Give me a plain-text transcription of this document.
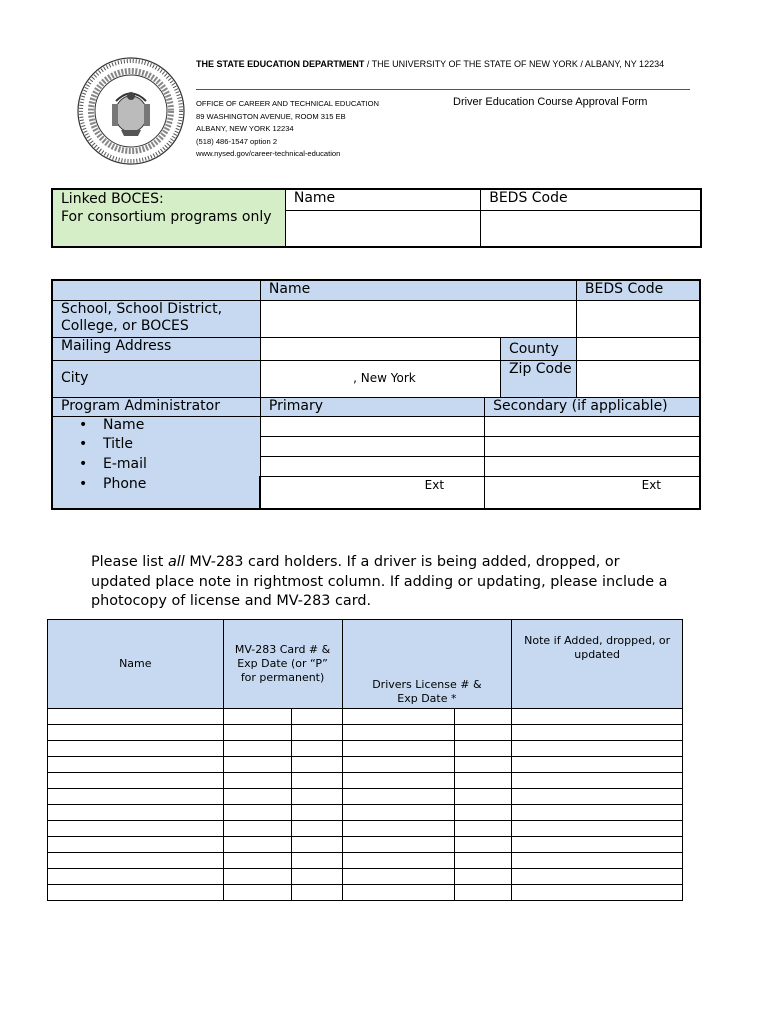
THE STATE EDUCATION DEPARTMENT / THE UNIVERSITY OF THE STATE OF NEW YORK / ALBANY, NY 12234
OFFICE OF CAREER AND TECHNICAL EDUCATION
89 WASHINGTON AVENUE, ROOM 315 EB
ALBANY, NEW YORK 12234
(518) 486-1547 option 2
www.nysed.gov/career-technical-education
Driver Education Course Approval Form
Linked BOCES:
For consortium programs only	Name	BEDS Code

	Name			BEDS Code
School, School District, College, or BOCES				
Mailing Address			County	
City	, New York		Zip Code	
Program Administrator	Primary	Secondary (if applicable)		
• Name		
• Title		
• E-mail		
• Phone	Ext	Ext		
Please list all MV-283 card holders. If a driver is being added, dropped, or updated place note in rightmost column. If adding or updating, please include a photocopy of license and MV-283 card.
Name	MV-283 Card # & Exp Date (or “P” for permanent)		Drivers License # & Exp Date *		Note if Added, dropped, or updated
